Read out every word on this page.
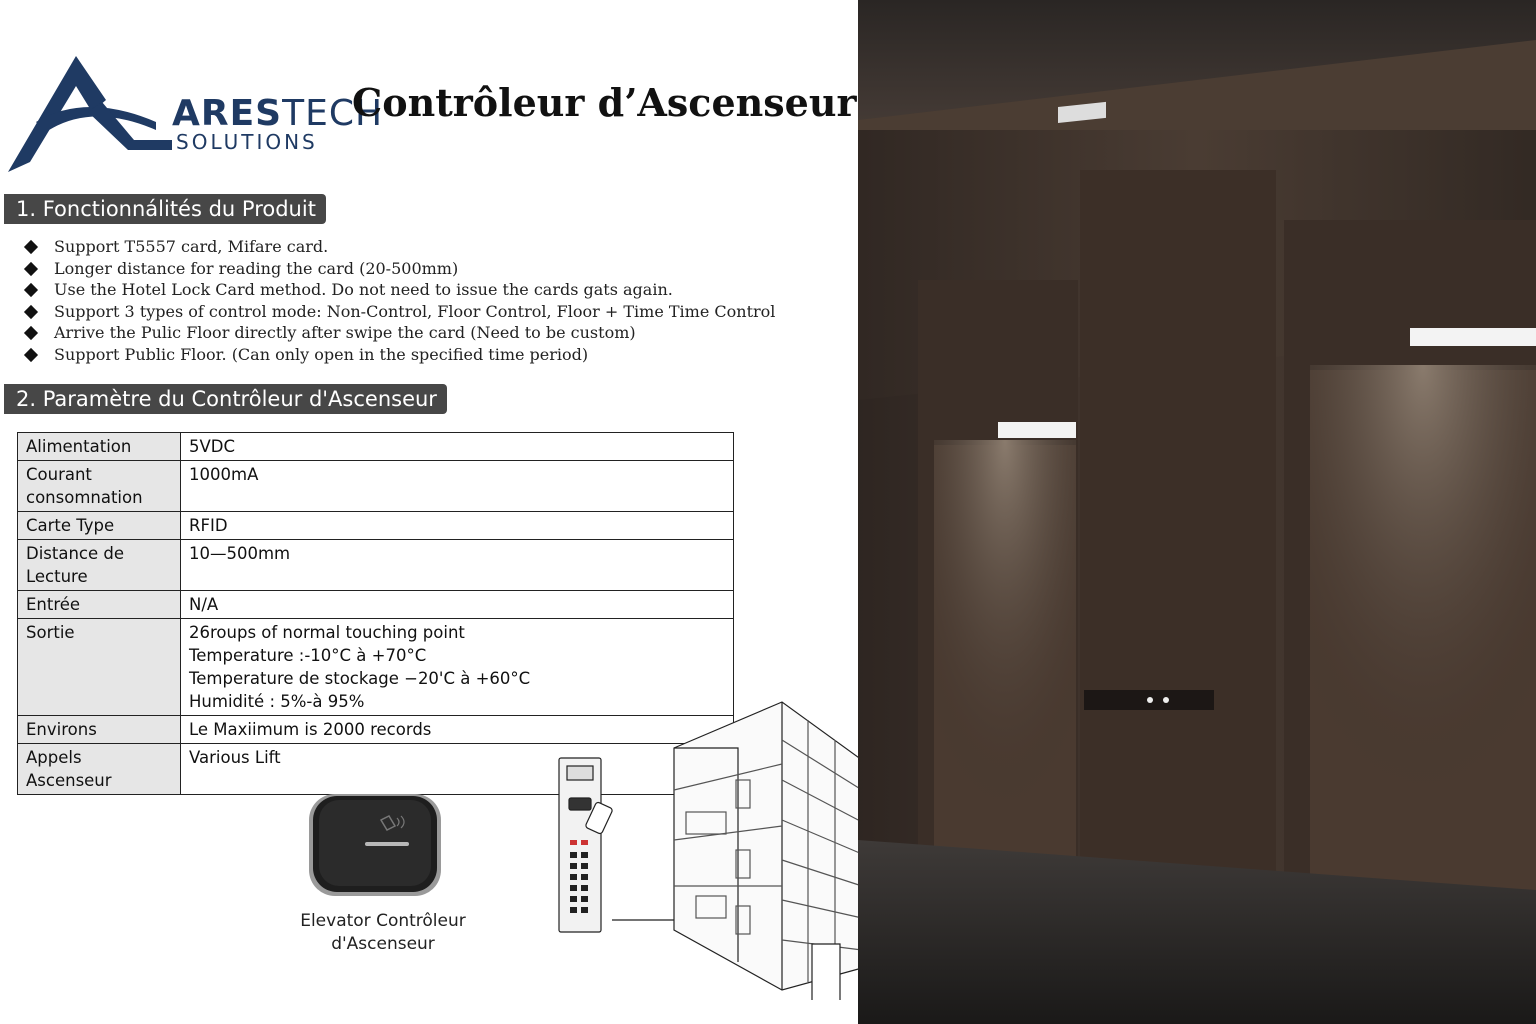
ARESTECH
SOLUTIONS
Contrôleur d’Ascenseur
1. Fonctionnálités du Produit
Support T5557 card, Mifare card.
Longer distance for reading the card (20-500mm)
Use the Hotel Lock Card method. Do not need to issue the cards gats again.
Support 3 types of control mode: Non-Control, Floor Control, Floor + Time Time Control
Arrive the Pulic Floor directly after swipe the card (Need to be custom)
Support Public Floor. (Can only open in the specified time period)
2. Paramètre du Contrôleur d'Ascenseur
Alimentation	5VDC

Courant consomnation	1000mA

Carte Type	RFID

Distance de Lecture	10—500mm

Entrée	N/A

Sortie	26roups of normal touching point
Temperature :-10°C à +70°C
Temperature de stockage −20'C à +60°C
Humidité : 5%-à 95%

Environs	Le Maxiimum is 2000 records

Appels Ascenseur	Various Lift
Elevator Contrôleur
d'Ascenseur
